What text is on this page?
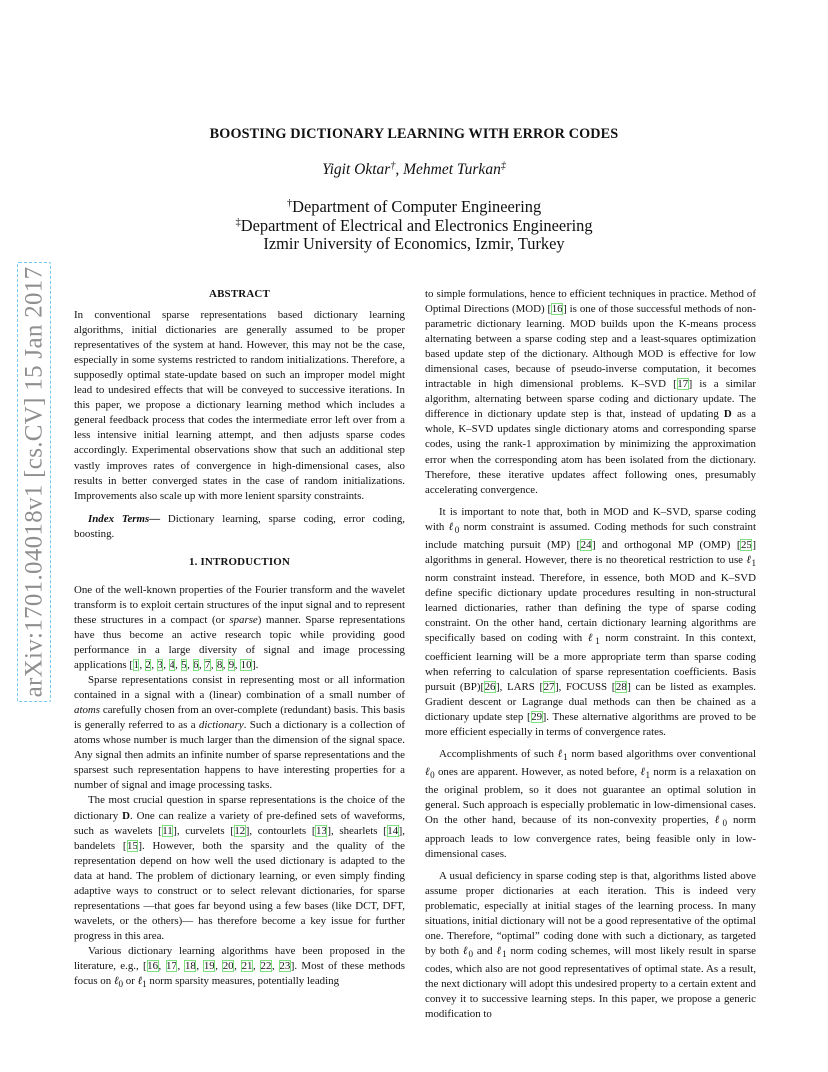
arXiv:1701.04018v1 [cs.CV] 15 Jan 2017
BOOSTING DICTIONARY LEARNING WITH ERROR CODES
Yigit Oktar†, Mehmet Turkan‡
†Department of Computer Engineering
‡Department of Electrical and Electronics Engineering
Izmir University of Economics, Izmir, Turkey
ABSTRACT

In conventional sparse representations based dictionary learning algorithms, initial dictionaries are generally assumed to be proper representatives of the system at hand. However, this may not be the case, especially in some systems restricted to random initializations. Therefore, a supposedly optimal state-update based on such an improper model might lead to undesired effects that will be conveyed to successive iterations. In this paper, we propose a dictionary learning method which includes a general feedback process that codes the intermediate error left over from a less intensive initial learning attempt, and then adjusts sparse codes accordingly. Experimental observations show that such an additional step vastly improves rates of convergence in high-dimensional cases, also results in better converged states in the case of random initializations. Improvements also scale up with more lenient sparsity constraints.

Index Terms— Dictionary learning, sparse coding, error coding, boosting.

1. INTRODUCTION

One of the well-known properties of the Fourier transform and the wavelet transform is to exploit certain structures of the input signal and to represent these structures in a compact (or sparse) manner. Sparse representations have thus become an active research topic while providing good performance in a large diversity of signal and image processing applications [1, 2, 3, 4, 5, 6, 7, 8, 9, 10].

Sparse representations consist in representing most or all information contained in a signal with a (linear) combination of a small number of atoms carefully chosen from an over-complete (redundant) basis. This basis is generally referred to as a dictionary. Such a dictionary is a collection of atoms whose number is much larger than the dimension of the signal space. Any signal then admits an infinite number of sparse representations and the sparsest such representation happens to have interesting properties for a number of signal and image processing tasks.

The most crucial question in sparse representations is the choice of the dictionary D. One can realize a variety of pre-defined sets of waveforms, such as wavelets [11], curvelets [12], contourlets [13], shearlets [14], bandelets [15]. However, both the sparsity and the quality of the representation depend on how well the used dictionary is adapted to the data at hand. The problem of dictionary learning, or even simply finding adaptive ways to construct or to select relevant dictionaries, for sparse representations —that goes far beyond using a few bases (like DCT, DFT, wavelets, or the others)— has therefore become a key issue for further progress in this area.

Various dictionary learning algorithms have been proposed in the literature, e.g., [16, 17, 18, 19, 20, 21, 22, 23]. Most of these methods focus on ℓ$_0$ or ℓ$_1$ norm sparsity measures, potentially leading

to simple formulations, hence to efficient techniques in practice. Method of Optimal Directions (MOD) [16] is one of those successful methods of non-parametric dictionary learning. MOD builds upon the K-means process alternating between a sparse coding step and a least-squares optimization based update step of the dictionary. Although MOD is effective for low dimensional cases, because of pseudo-inverse computation, it becomes intractable in high dimensional problems. K–SVD [17] is a similar algorithm, alternating between sparse coding and dictionary update. The difference in dictionary update step is that, instead of updating D as a whole, K–SVD updates single dictionary atoms and corresponding sparse codes, using the rank-1 approximation by minimizing the approximation error when the corresponding atom has been isolated from the dictionary. Therefore, these iterative updates affect following ones, presumably accelerating convergence.

It is important to note that, both in MOD and K–SVD, sparse coding with ℓ$_0$ norm constraint is assumed. Coding methods for such constraint include matching pursuit (MP) [24] and orthogonal MP (OMP) [25] algorithms in general. However, there is no theoretical restriction to use ℓ$_1$ norm constraint instead. Therefore, in essence, both MOD and K–SVD define specific dictionary update procedures resulting in non-structural learned dictionaries, rather than defining the type of sparse coding constraint. On the other hand, certain dictionary learning algorithms are specifically based on coding with ℓ$_1$ norm constraint. In this context, coefficient learning will be a more appropriate term than sparse coding when referring to calculation of sparse representation coefficients. Basis pursuit (BP)[26], LARS [27], FOCUSS [28] can be listed as examples. Gradient descent or Lagrange dual methods can then be chained as a dictionary update step [29]. These alternative algorithms are proved to be more efficient especially in terms of convergence rates.

Accomplishments of such ℓ$_1$ norm based algorithms over conventional ℓ$_0$ ones are apparent. However, as noted before, ℓ$_1$ norm is a relaxation on the original problem, so it does not guarantee an optimal solution in general. Such approach is especially problematic in low-dimensional cases. On the other hand, because of its non-convexity properties, ℓ$_0$ norm approach leads to low convergence rates, being feasible only in low-dimensional cases.

A usual deficiency in sparse coding step is that, algorithms listed above assume proper dictionaries at each iteration. This is indeed very problematic, especially at initial stages of the learning process. In many situations, initial dictionary will not be a good representative of the optimal one. Therefore, “optimal” coding done with such a dictionary, as targeted by both ℓ$_0$ and ℓ$_1$ norm coding schemes, will most likely result in sparse codes, which also are not good representatives of optimal state. As a result, the next dictionary will adopt this undesired property to a certain extent and convey it to successive learning steps. In this paper, we propose a generic modification to
